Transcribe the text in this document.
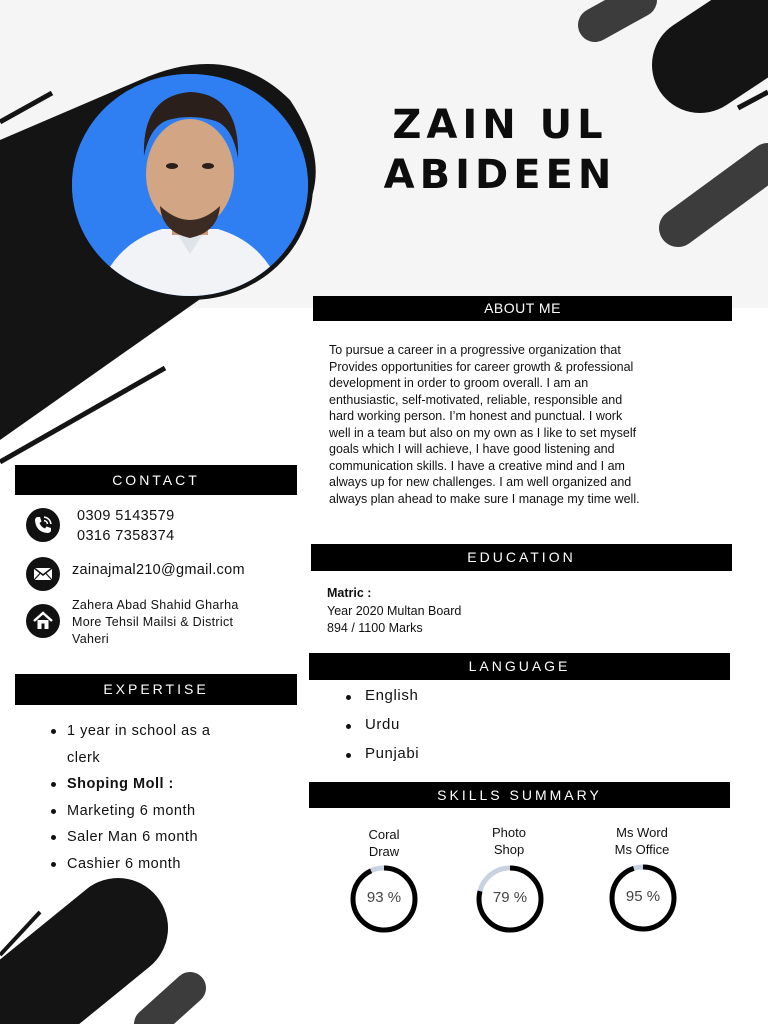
ZAIN UL
ABIDEEN
ABOUT ME
To pursue a career in a progressive organization that
Provides opportunities for career growth & professional
development in order to groom overall. I am an
enthusiastic, self-motivated, reliable, responsible and
hard working person. I’m honest and punctual. I work
well in a team but also on my own as I like to set myself
goals which I will achieve, I have good listening and
communication skills. I have a creative mind and I am
always up for new challenges. I am well organized and
always plan ahead to make sure I manage my time well.
CONTACT
0309 5143579
0316 7358374
zainajmal210@gmail.com
Zahera Abad Shahid Gharha
More Tehsil Mailsi & District
Vaheri
EDUCATION
Matric :
Year 2020 Multan Board
894 / 1100 Marks
LANGUAGE
English
Urdu
Punjabi
EXPERTISE
1 year in school as a
clerk
Shoping Moll :
Marketing 6 month
Saler Man 6 month
Cashier 6 month
SKILLS SUMMARY
Coral
Draw
Photo
Shop
Ms Word
Ms Office
93 %	79 %	95 %
